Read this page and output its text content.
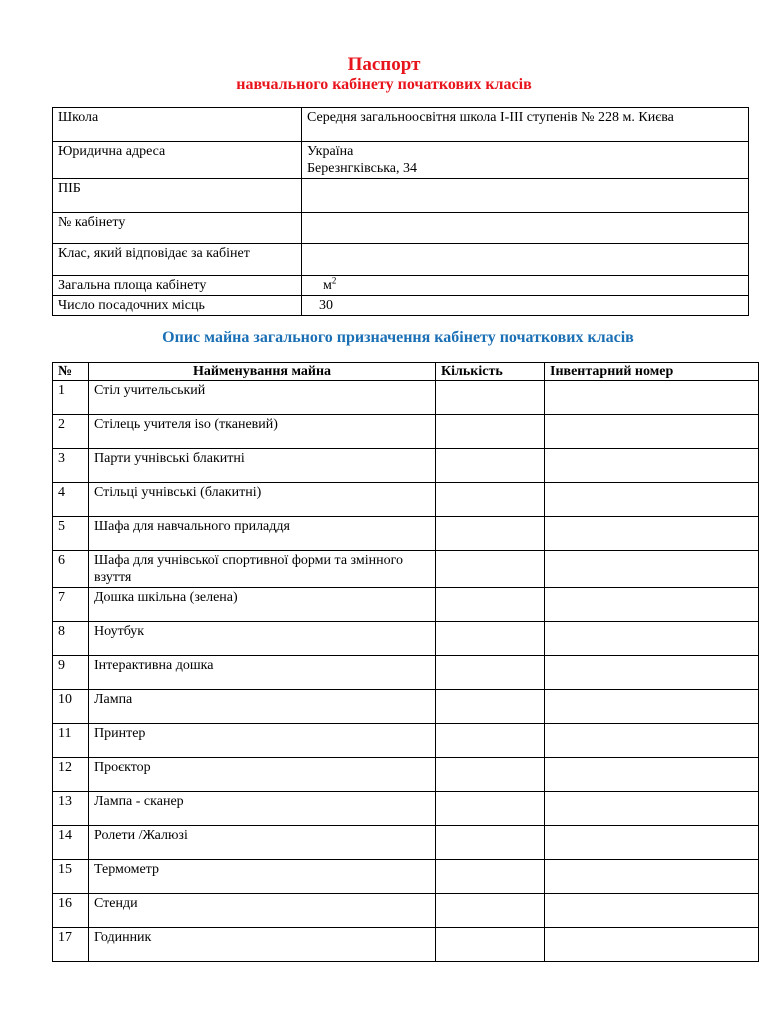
Паспорт
навчального кабінету початкових класів
Школа	Середня загальноосвітня школа І-ІІІ ступенів № 228 м. Києва
Юридична адреса	Україна
Березнгківська, 34

ПІБ	
№ кабінету	
Клас, який відповідає за кабінет	
Загальна площа кабінету	$м^2$
Число посадочних місць	30
Опис майна загального призначення кабінету початкових класів
№	Найменування майна	Кількість	Інвентарний номер
1	Стіл учительський		
2	Стілець учителя iso (тканевий)		
3	Парти учнівські блакитні		
4	Стільці учнівські (блакитні)		
5	Шафа для навчального приладдя		
6	Шафа для учнівської спортивної форми та змінного взуття		
7	Дошка шкільна (зелена)		
8	Ноутбук		
9	Інтерактивна дошка		
10	Лампа		
11	Принтер		
12	Проєктор		
13	Лампа - сканер		
14	Ролети /Жалюзі		
15	Термометр		
16	Стенди		
17	Годинник		
